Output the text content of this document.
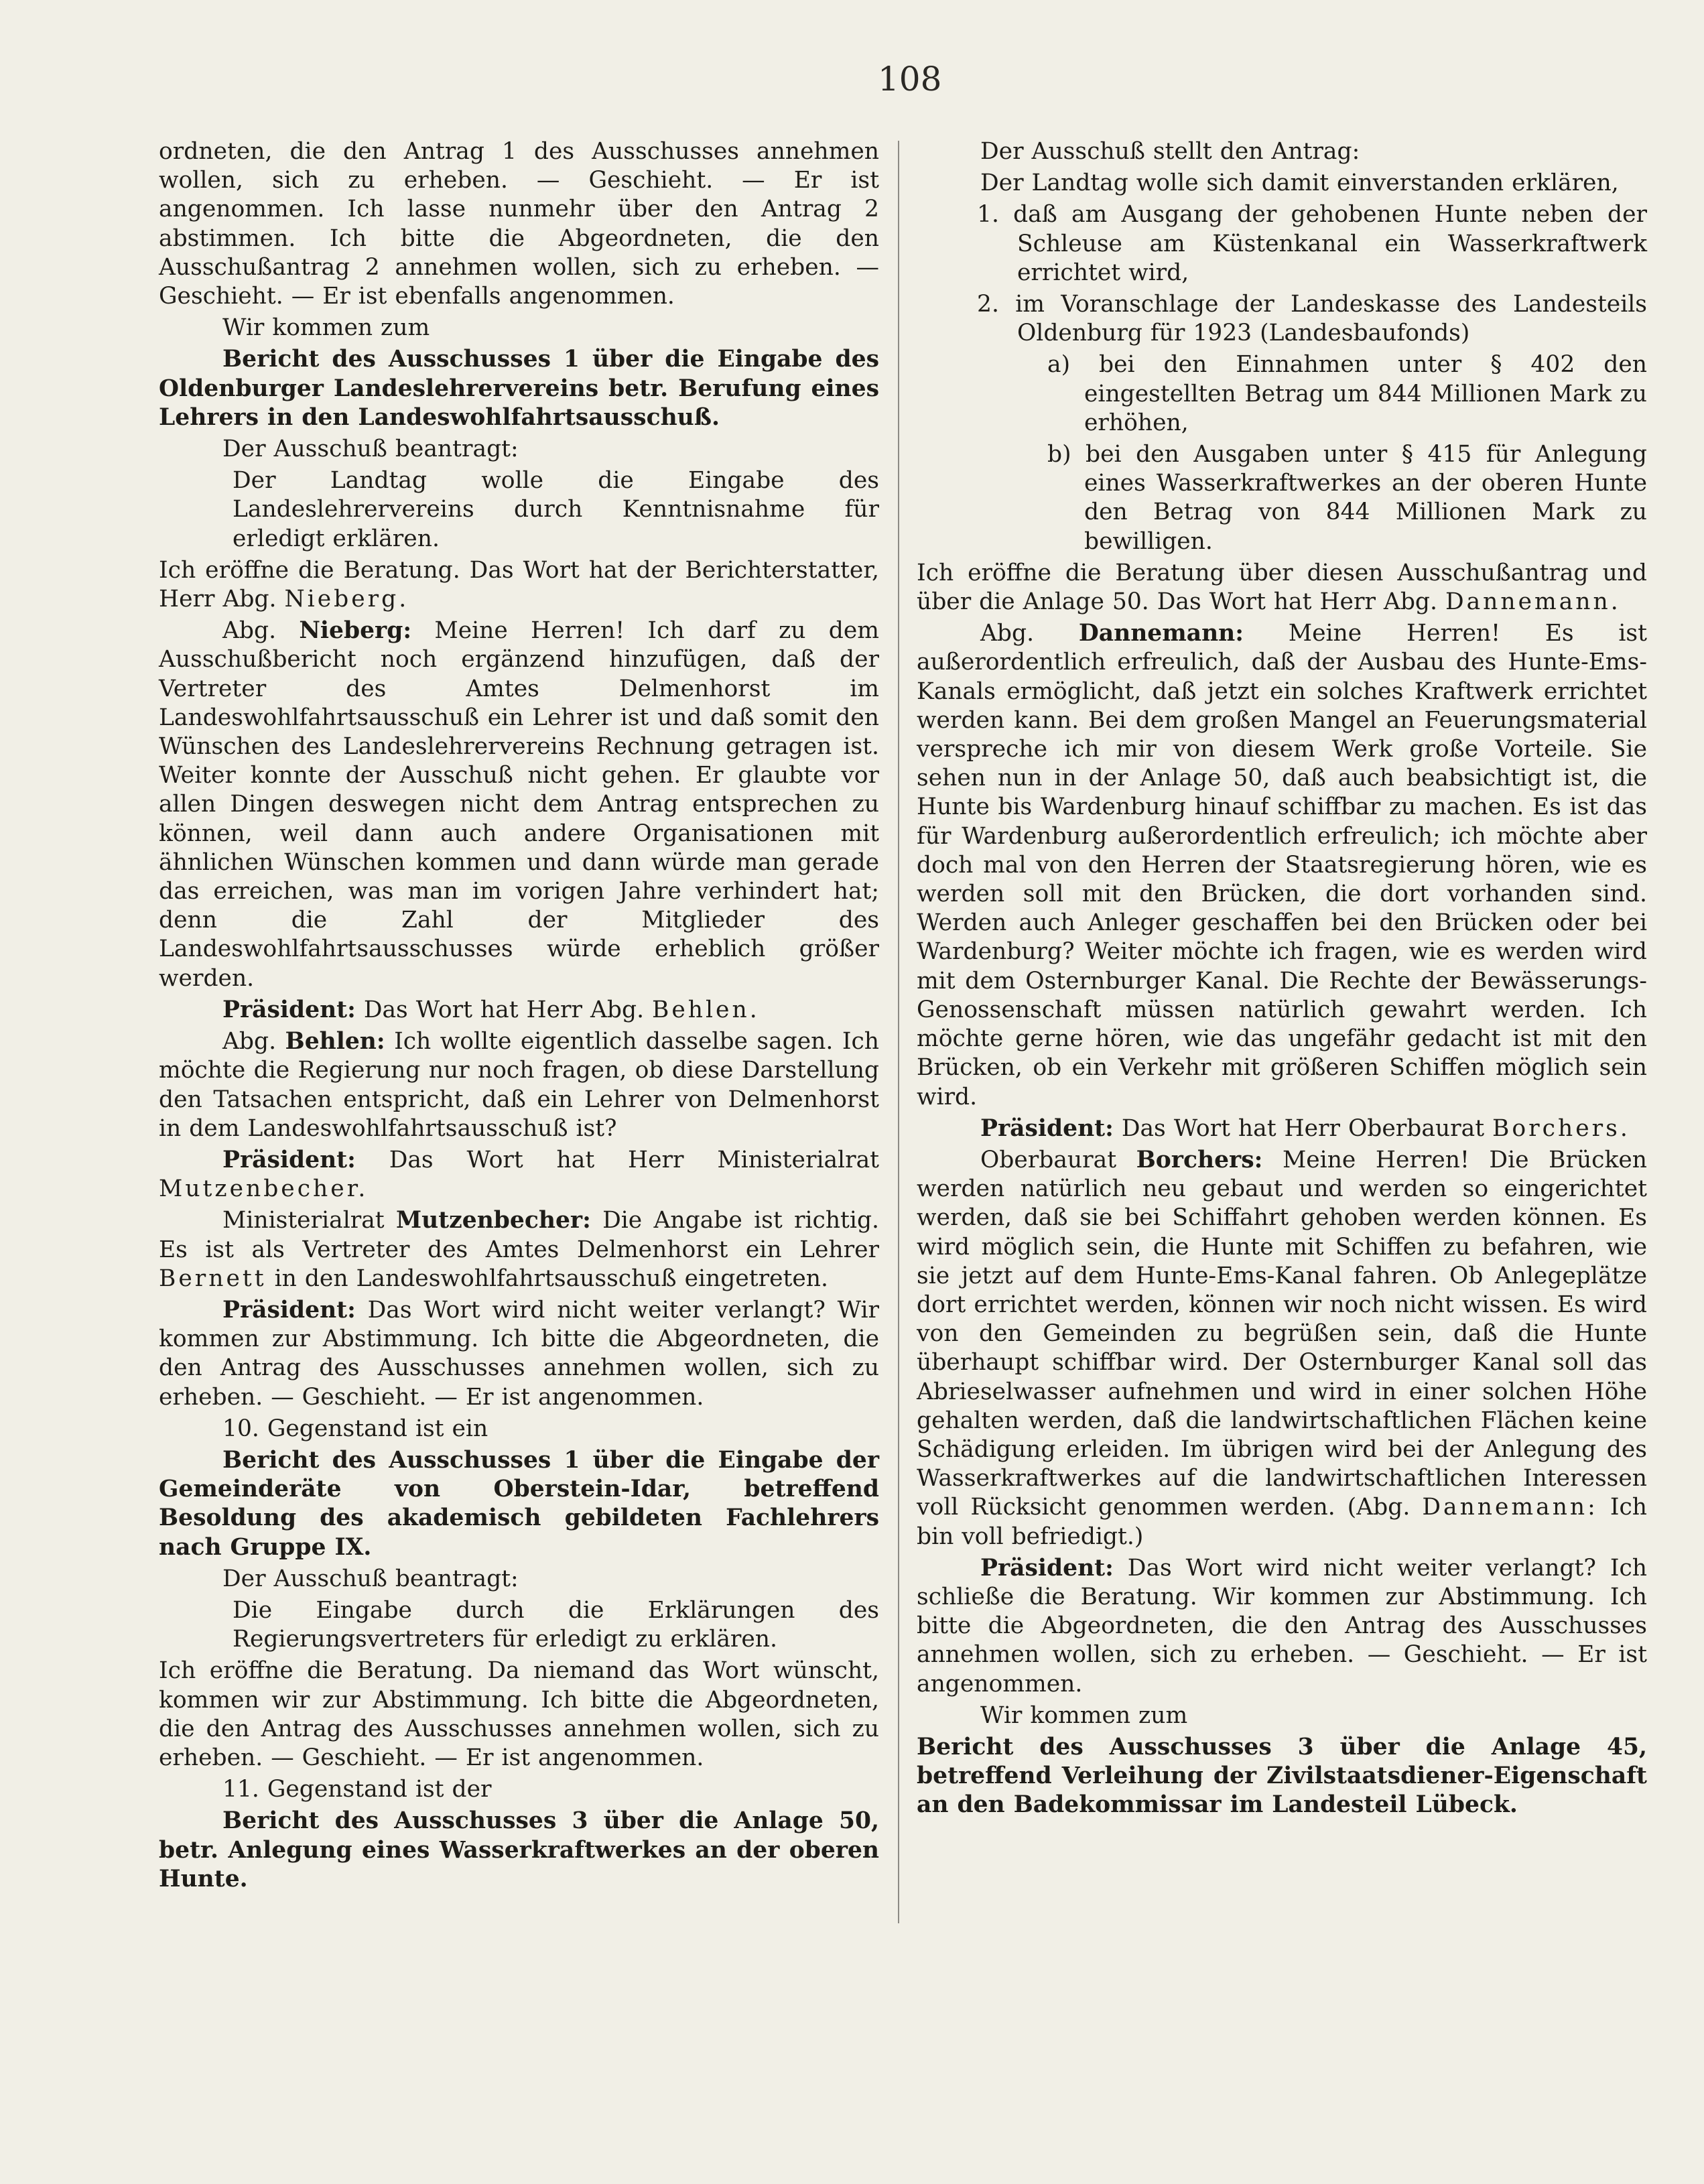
108

ordneten, die den Antrag 1 des Ausschusses annehmen wollen, sich zu erheben. — Geschieht. — Er ist angenommen. Ich lasse nunmehr über den Antrag 2 abstimmen. Ich bitte die Abgeordneten, die den Ausschußantrag 2 annehmen wollen, sich zu erheben. — Geschieht. — Er ist ebenfalls angenommen.

Wir kommen zum

Bericht des Ausschusses 1 über die Eingabe des Oldenburger Landeslehrervereins betr. Berufung eines Lehrers in den Landeswohlfahrtsausschuß.

Der Ausschuß beantragt:

Der Landtag wolle die Eingabe des Landeslehrervereins durch Kenntnisnahme für erledigt erklären.

Ich eröffne die Beratung. Das Wort hat der Berichterstatter, Herr Abg. Nieberg.

Abg. Nieberg: Meine Herren! Ich darf zu dem Ausschußbericht noch ergänzend hinzufügen, daß der Vertreter des Amtes Delmenhorst im Landeswohlfahrtsausschuß ein Lehrer ist und daß somit den Wünschen des Landeslehrervereins Rechnung getragen ist. Weiter konnte der Ausschuß nicht gehen. Er glaubte vor allen Dingen deswegen nicht dem Antrag entsprechen zu können, weil dann auch andere Organisationen mit ähnlichen Wünschen kommen und dann würde man gerade das erreichen, was man im vorigen Jahre verhindert hat; denn die Zahl der Mitglieder des Landeswohlfahrtsausschusses würde erheblich größer werden.

Präsident: Das Wort hat Herr Abg. Behlen.

Abg. Behlen: Ich wollte eigentlich dasselbe sagen. Ich möchte die Regierung nur noch fragen, ob diese Darstellung den Tatsachen entspricht, daß ein Lehrer von Delmenhorst in dem Landeswohlfahrtsausschuß ist?

Präsident: Das Wort hat Herr Ministerialrat Mutzenbecher.

Ministerialrat Mutzenbecher: Die Angabe ist richtig. Es ist als Vertreter des Amtes Delmenhorst ein Lehrer Bernett in den Landeswohlfahrtsausschuß eingetreten.

Präsident: Das Wort wird nicht weiter verlangt? Wir kommen zur Abstimmung. Ich bitte die Abgeordneten, die den Antrag des Ausschusses annehmen wollen, sich zu erheben. — Geschieht. — Er ist angenommen.

10. Gegenstand ist ein

Bericht des Ausschusses 1 über die Eingabe der Gemeinderäte von Oberstein-Idar, betreffend Besoldung des akademisch gebildeten Fachlehrers nach Gruppe IX.

Der Ausschuß beantragt:

Die Eingabe durch die Erklärungen des Regierungsvertreters für erledigt zu erklären.

Ich eröffne die Beratung. Da niemand das Wort wünscht, kommen wir zur Abstimmung. Ich bitte die Abgeordneten, die den Antrag des Ausschusses annehmen wollen, sich zu erheben. — Geschieht. — Er ist angenommen.

11. Gegenstand ist der

Bericht des Ausschusses 3 über die Anlage 50, betr. Anlegung eines Wasserkraftwerkes an der oberen Hunte.

Der Ausschuß stellt den Antrag:

Der Landtag wolle sich damit einverstanden erklären,

1. daß am Ausgang der gehobenen Hunte neben der Schleuse am Küstenkanal ein Wasserkraftwerk errichtet wird,

2. im Voranschlage der Landeskasse des Landesteils Oldenburg für 1923 (Landesbaufonds)

a) bei den Einnahmen unter § 402 den eingestellten Betrag um 844 Millionen Mark zu erhöhen,

b) bei den Ausgaben unter § 415 für Anlegung eines Wasserkraftwerkes an der oberen Hunte den Betrag von 844 Millionen Mark zu bewilligen.

Ich eröffne die Beratung über diesen Ausschußantrag und über die Anlage 50. Das Wort hat Herr Abg. Dannemann.

Abg. Dannemann: Meine Herren! Es ist außerordentlich erfreulich, daß der Ausbau des Hunte-Ems-Kanals ermöglicht, daß jetzt ein solches Kraftwerk errichtet werden kann. Bei dem großen Mangel an Feuerungsmaterial verspreche ich mir von diesem Werk große Vorteile. Sie sehen nun in der Anlage 50, daß auch beabsichtigt ist, die Hunte bis Wardenburg hinauf schiffbar zu machen. Es ist das für Wardenburg außerordentlich erfreulich; ich möchte aber doch mal von den Herren der Staatsregierung hören, wie es werden soll mit den Brücken, die dort vorhanden sind. Werden auch Anleger geschaffen bei den Brücken oder bei Wardenburg? Weiter möchte ich fragen, wie es werden wird mit dem Osternburger Kanal. Die Rechte der Bewässerungs-Genossenschaft müssen natürlich gewahrt werden. Ich möchte gerne hören, wie das ungefähr gedacht ist mit den Brücken, ob ein Verkehr mit größeren Schiffen möglich sein wird.

Präsident: Das Wort hat Herr Oberbaurat Borchers.

Oberbaurat Borchers: Meine Herren! Die Brücken werden natürlich neu gebaut und werden so eingerichtet werden, daß sie bei Schiffahrt gehoben werden können. Es wird möglich sein, die Hunte mit Schiffen zu befahren, wie sie jetzt auf dem Hunte-Ems-Kanal fahren. Ob Anlegeplätze dort errichtet werden, können wir noch nicht wissen. Es wird von den Gemeinden zu begrüßen sein, daß die Hunte überhaupt schiffbar wird. Der Osternburger Kanal soll das Abrieselwasser aufnehmen und wird in einer solchen Höhe gehalten werden, daß die landwirtschaftlichen Flächen keine Schädigung erleiden. Im übrigen wird bei der Anlegung des Wasserkraftwerkes auf die landwirtschaftlichen Interessen voll Rücksicht genommen werden. (Abg. Dannemann: Ich bin voll befriedigt.)

Präsident: Das Wort wird nicht weiter verlangt? Ich schließe die Beratung. Wir kommen zur Abstimmung. Ich bitte die Abgeordneten, die den Antrag des Ausschusses annehmen wollen, sich zu erheben. — Geschieht. — Er ist angenommen.

Wir kommen zum

Bericht des Ausschusses 3 über die Anlage 45, betreffend Verleihung der Zivilstaatsdiener-Eigenschaft an den Badekommissar im Landesteil Lübeck.
